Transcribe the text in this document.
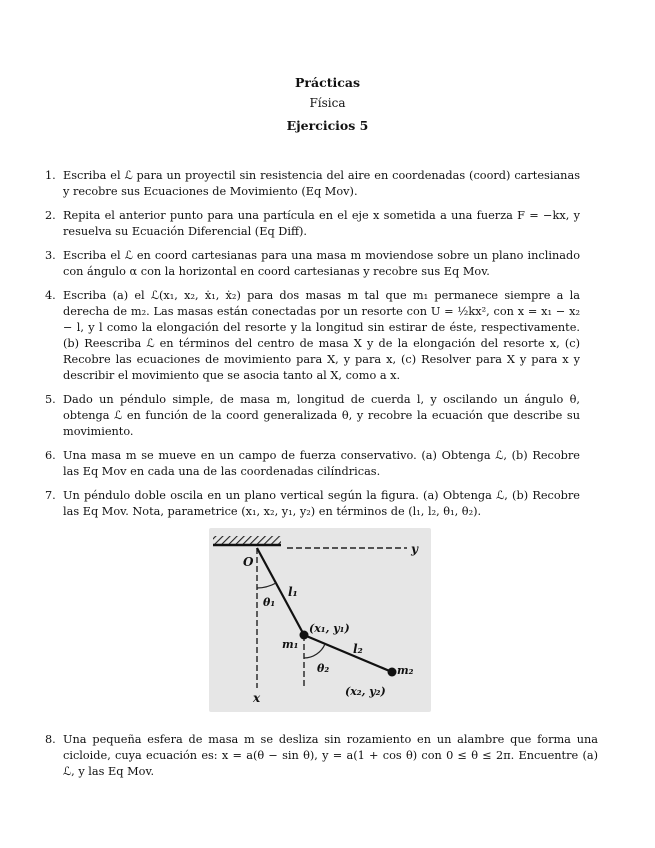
Prácticas
Física
Ejercicios 5
1. Escriba el ℒ para un proyectil sin resistencia del aire en coordenadas (coord) cartesianas y recobre sus Ecuaciones de Movimiento (Eq Mov).
2. Repita el anterior punto para una partícula en el eje x sometida a una fuerza F = −kx, y resuelva su Ecuación Diferencial (Eq Diff).
3. Escriba el ℒ en coord cartesianas para una masa m moviendose sobre un plano inclinado con ángulo α con la horizontal en coord cartesianas y recobre sus Eq Mov.
4. Escriba (a) el ℒ(x₁, x₂, ẋ₁, ẋ₂) para dos masas m tal que m₁ permanece siempre a la derecha de m₂. Las masas están conectadas por un resorte con U = ½kx², con x = x₁ − x₂ − l, y l como la elongación del resorte y la longitud sin estirar de éste, respectivamente. (b) Reescriba ℒ en términos del centro de masa X y de la elongación del resorte x, (c) Recobre las ecuaciones de movimiento para X, y para x, (c) Resolver para X y para x y describir el movimiento que se asocia tanto al X, como a x.
5. Dado un péndulo simple, de masa m, longitud de cuerda l, y oscilando un ángulo θ, obtenga ℒ en función de la coord generalizada θ, y recobre la ecuación que describe su movimiento.
6. Una masa m se mueve en un campo de fuerza conservativo. (a) Obtenga ℒ, (b) Recobre las Eq Mov en cada una de las coordenadas cilíndricas.
7. Un péndulo doble oscila en un plano vertical según la figura. (a) Obtenga ℒ, (b) Recobre las Eq Mov. Nota, parametrice (x₁, x₂, y₁, y₂) en términos de (l₁, l₂, θ₁, θ₂).
O
y
x
l₁
θ₁
(x₁, y₁)
m₁	l₂
θ₂	m₂
(x₂, y₂)
8. Una pequeña esfera de masa m se desliza sin rozamiento en un alambre que forma una cicloide, cuya ecuación es: x = a(θ − sin θ), y = a(1 + cos θ) con 0 ≤ θ ≤ 2π. Encuentre (a) ℒ, y las Eq Mov.
